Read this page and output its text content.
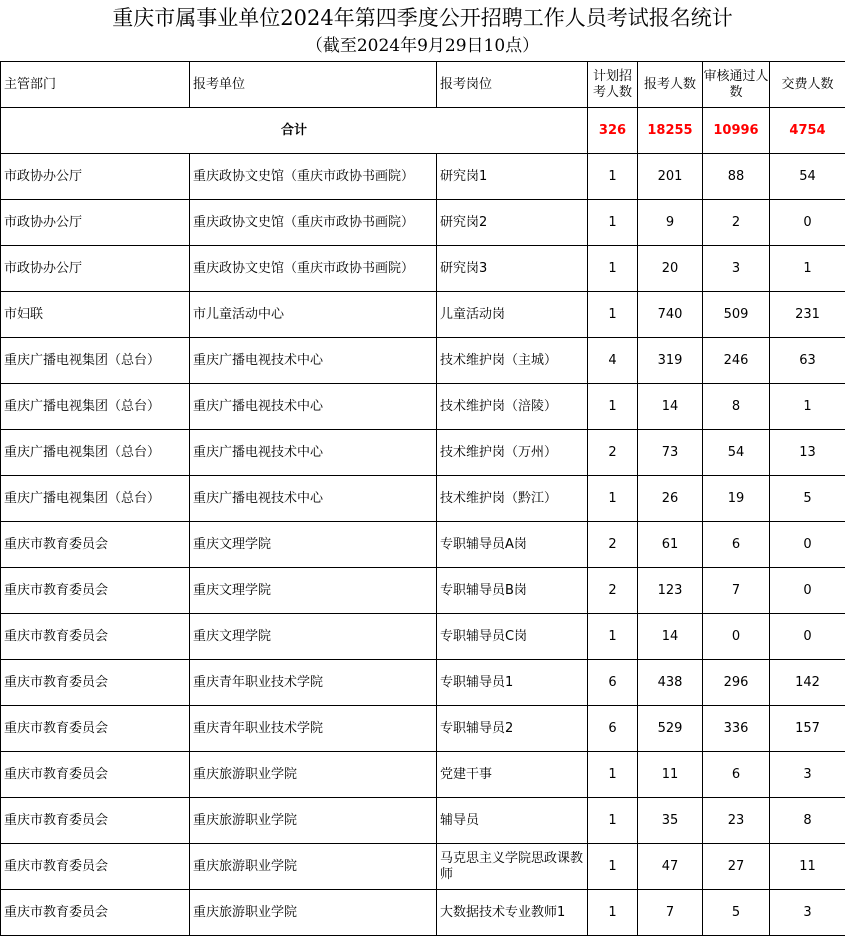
重庆市属事业单位2024年第四季度公开招聘工作人员考试报名统计
（截至2024年9月29日10点）
主管部门	报考单位	报考岗位	计划招考人数	报考人数	审核通过人数	交费人数
合计			326	18255	10996	4754
市政协办公厅	重庆政协文史馆（重庆市政协书画院）	研究岗1	1	201	88	54
市政协办公厅	重庆政协文史馆（重庆市政协书画院）	研究岗2	1	9	2	0
市政协办公厅	重庆政协文史馆（重庆市政协书画院）	研究岗3	1	20	3	1
市妇联	市儿童活动中心	儿童活动岗	1	740	509	231
重庆广播电视集团（总台）	重庆广播电视技术中心	技术维护岗（主城）	4	319	246	63
重庆广播电视集团（总台）	重庆广播电视技术中心	技术维护岗（涪陵）	1	14	8	1
重庆广播电视集团（总台）	重庆广播电视技术中心	技术维护岗（万州）	2	73	54	13
重庆广播电视集团（总台）	重庆广播电视技术中心	技术维护岗（黔江）	1	26	19	5
重庆市教育委员会	重庆文理学院	专职辅导员A岗	2	61	6	0
重庆市教育委员会	重庆文理学院	专职辅导员B岗	2	123	7	0
重庆市教育委员会	重庆文理学院	专职辅导员C岗	1	14	0	0
重庆市教育委员会	重庆青年职业技术学院	专职辅导员1	6	438	296	142
重庆市教育委员会	重庆青年职业技术学院	专职辅导员2	6	529	336	157
重庆市教育委员会	重庆旅游职业学院	党建干事	1	11	6	3
重庆市教育委员会	重庆旅游职业学院	辅导员	1	35	23	8
重庆市教育委员会	重庆旅游职业学院	马克思主义学院思政课教师	1	47	27	11
重庆市教育委员会	重庆旅游职业学院	大数据技术专业教师1	1	7	5	3
